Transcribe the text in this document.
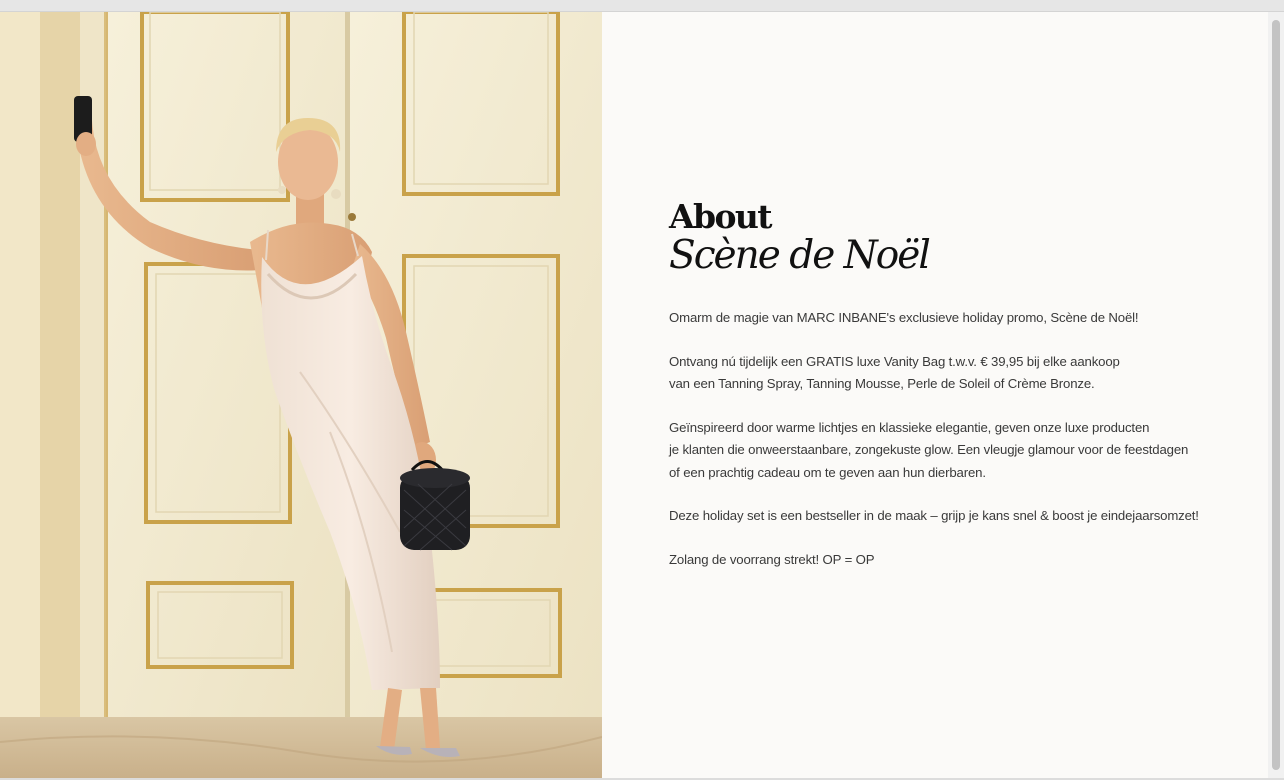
About
Scène de Noël

Omarm de magie van MARC INBANE's exclusieve holiday promo, Scène de Noël!

Ontvang nú tijdelijk een GRATIS luxe Vanity Bag t.w.v. € 39,95 bij elke aankoop
van een Tanning Spray, Tanning Mousse, Perle de Soleil of Crème Bronze.

Geïnspireerd door warme lichtjes en klassieke elegantie, geven onze luxe producten
je klanten die onweerstaanbare, zongekuste glow. Een vleugje glamour voor de feestdagen
of een prachtig cadeau om te geven aan hun dierbaren.

Deze holiday set is een bestseller in de maak – grijp je kans snel & boost je eindejaarsomzet!

Zolang de voorrang strekt! OP = OP
